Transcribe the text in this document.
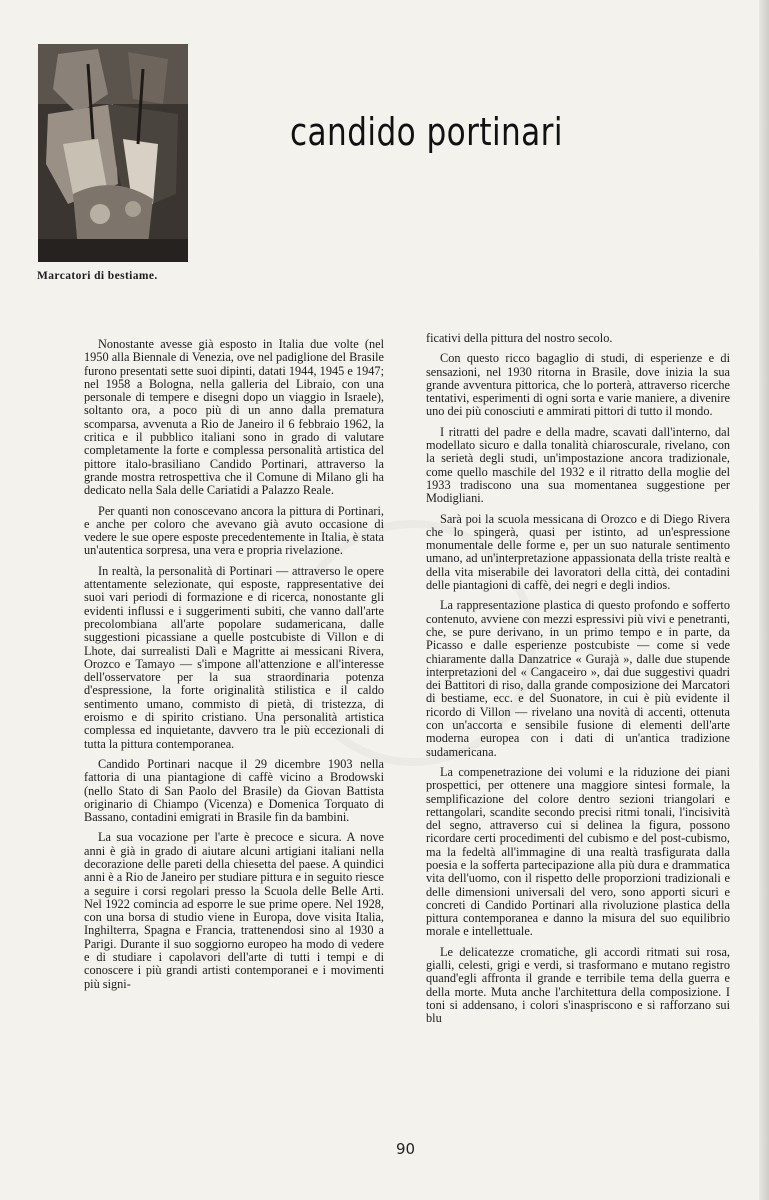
Marcatori di bestiame.
candido portinari

Nonostante avesse già esposto in Italia due volte (nel 1950 alla Biennale di Venezia, ove nel padiglione del Brasile furono presentati sette suoi dipinti, datati 1944, 1945 e 1947; nel 1958 a Bologna, nella galleria del Libraio, con una personale di tempere e disegni dopo un viaggio in Israele), soltanto ora, a poco più di un anno dalla prematura scomparsa, avvenuta a Rio de Janeiro il 6 febbraio 1962, la critica e il pubblico italiani sono in grado di valutare completamente la forte e complessa personalità artistica del pittore italo-brasiliano Candido Portinari, attraverso la grande mostra retrospettiva che il Comune di Milano gli ha dedicato nella Sala delle Cariatidi a Palazzo Reale.

Per quanti non conoscevano ancora la pittura di Portinari, e anche per coloro che avevano già avuto occasione di vedere le sue opere esposte precedentemente in Italia, è stata un'autentica sorpresa, una vera e propria rivelazione.

In realtà, la personalità di Portinari — attraverso le opere attentamente selezionate, qui esposte, rappresentative dei suoi vari periodi di formazione e di ricerca, nonostante gli evidenti influssi e i suggerimenti subiti, che vanno dall'arte precolombiana all'arte popolare sudamericana, dalle suggestioni picassiane a quelle postcubiste di Villon e di Lhote, dai surrealisti Dalì e Magritte ai messicani Rivera, Orozco e Tamayo — s'impone all'attenzione e all'interesse dell'osservatore per la sua straordinaria potenza d'espressione, la forte originalità stilistica e il caldo sentimento umano, commisto di pietà, di tristezza, di eroismo e di spirito cristiano. Una personalità artistica complessa ed inquietante, davvero tra le più eccezionali di tutta la pittura contemporanea.

Candido Portinari nacque il 29 dicembre 1903 nella fattoria di una piantagione di caffè vicino a Brodowski (nello Stato di San Paolo del Brasile) da Giovan Battista originario di Chiampo (Vicenza) e Domenica Torquato di Bassano, contadini emigrati in Brasile fin da bambini.

La sua vocazione per l'arte è precoce e sicura. A nove anni è già in grado di aiutare alcuni artigiani italiani nella decorazione delle pareti della chiesetta del paese. A quindici anni è a Rio de Janeiro per studiare pittura e in seguito riesce a seguire i corsi regolari presso la Scuola delle Belle Arti. Nel 1922 comincia ad esporre le sue prime opere. Nel 1928, con una borsa di studio viene in Europa, dove visita Italia, Inghilterra, Spagna e Francia, trattenendosi sino al 1930 a Parigi. Durante il suo soggiorno europeo ha modo di vedere e di studiare i capolavori dell'arte di tutti i tempi e di conoscere i più grandi artisti contemporanei e i movimenti più signi-

ficativi della pittura del nostro secolo.

Con questo ricco bagaglio di studi, di esperienze e di sensazioni, nel 1930 ritorna in Brasile, dove inizia la sua grande avventura pittorica, che lo porterà, attraverso ricerche tentativi, esperimenti di ogni sorta e varie maniere, a divenire uno dei più conosciuti e ammirati pittori di tutto il mondo.

I ritratti del padre e della madre, scavati dall'interno, dal modellato sicuro e dalla tonalità chiaroscurale, rivelano, con la serietà degli studi, un'impostazione ancora tradizionale, come quello maschile del 1932 e il ritratto della moglie del 1933 tradiscono una sua momentanea suggestione per Modigliani.

Sarà poi la scuola messicana di Orozco e di Diego Rivera che lo spingerà, quasi per istinto, ad un'espressione monumentale delle forme e, per un suo naturale sentimento umano, ad un'interpretazione appassionata della triste realtà e della vita miserabile dei lavoratori della città, dei contadini delle piantagioni di caffè, dei negri e degli indios.

La rappresentazione plastica di questo profondo e sofferto contenuto, avviene con mezzi espressivi più vivi e penetranti, che, se pure derivano, in un primo tempo e in parte, da Picasso e dalle esperienze postcubiste — come si vede chiaramente dalla Danzatrice « Gurajà », dalle due stupende interpretazioni del « Cangaceiro », dai due suggestivi quadri dei Battitori di riso, dalla grande composizione dei Marcatori di bestiame, ecc. e del Suonatore, in cui è più evidente il ricordo di Villon — rivelano una novità di accenti, ottenuta con un'accorta e sensibile fusione di elementi dell'arte moderna europea con i dati di un'antica tradizione sudamericana.

La compenetrazione dei volumi e la riduzione dei piani prospettici, per ottenere una maggiore sintesi formale, la semplificazione del colore dentro sezioni triangolari e rettangolari, scandite secondo precisi ritmi tonali, l'incisività del segno, attraverso cui si delinea la figura, possono ricordare certi procedimenti del cubismo e del post-cubismo, ma la fedeltà all'immagine di una realtà trasfigurata dalla poesia e la sofferta partecipazione alla più dura e drammatica vita dell'uomo, con il rispetto delle proporzioni tradizionali e delle dimensioni universali del vero, sono apporti sicuri e concreti di Candido Portinari alla rivoluzione plastica della pittura contemporanea e danno la misura del suo equilibrio morale e intellettuale.

Le delicatezze cromatiche, gli accordi ritmati sui rosa, gialli, celesti, grigi e verdi, si trasformano e mutano registro quand'egli affronta il grande e terribile tema della guerra e della morte. Muta anche l'architettura della composizione. I toni si addensano, i colori s'inaspriscono e si rafforzano sui blu

90
